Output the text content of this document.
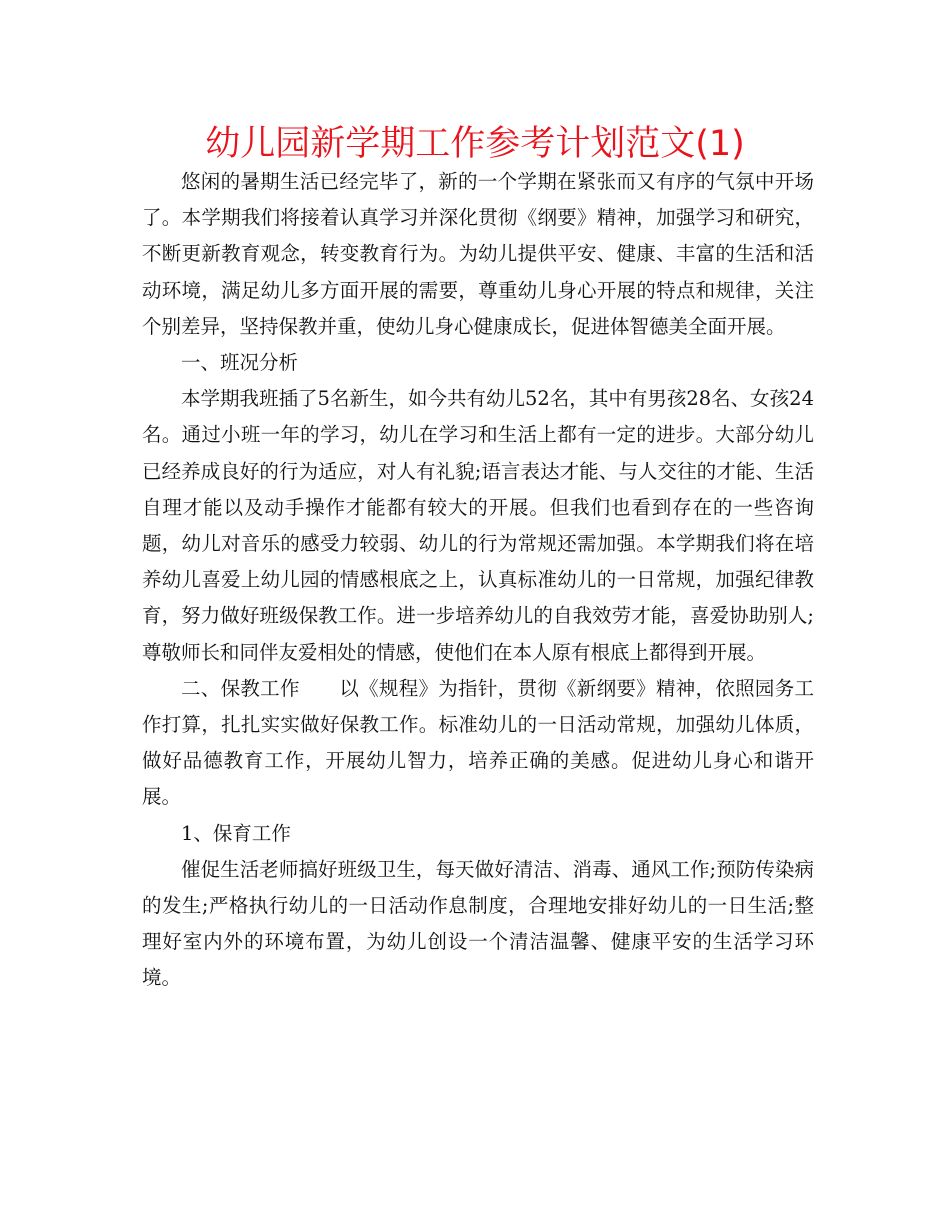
幼儿园新学期工作参考计划范文(1)

悠闲的暑期生活已经完毕了，新的一个学期在紧张而又有序的气氛中开场了。本学期我们将接着认真学习并深化贯彻《纲要》精神，加强学习和研究，不断更新教育观念，转变教育行为。为幼儿提供平安、健康、丰富的生活和活动环境，满足幼儿多方面开展的需要，尊重幼儿身心开展的特点和规律，关注个别差异，坚持保教并重，使幼儿身心健康成长，促进体智德美全面开展。

一、班况分析

本学期我班插了5名新生，如今共有幼儿52名，其中有男孩28名、女孩24名。通过小班一年的学习，幼儿在学习和生活上都有一定的进步。大部分幼儿已经养成良好的行为适应，对人有礼貌;语言表达才能、与人交往的才能、生活自理才能以及动手操作才能都有较大的开展。但我们也看到存在的一些咨询题，幼儿对音乐的感受力较弱、幼儿的行为常规还需加强。本学期我们将在培养幼儿喜爱上幼儿园的情感根底之上，认真标准幼儿的一日常规，加强纪律教育，努力做好班级保教工作。进一步培养幼儿的自我效劳才能，喜爱协助别人;尊敬师长和同伴友爱相处的情感，使他们在本人原有根底上都得到开展。

二、保教工作　　以《规程》为指针，贯彻《新纲要》精神，依照园务工作打算，扎扎实实做好保教工作。标准幼儿的一日活动常规，加强幼儿体质，做好品德教育工作，开展幼儿智力，培养正确的美感。促进幼儿身心和谐开展。

1、保育工作

催促生活老师搞好班级卫生，每天做好清洁、消毒、通风工作;预防传染病的发生;严格执行幼儿的一日活动作息制度，合理地安排好幼儿的一日生活;整理好室内外的环境布置，为幼儿创设一个清洁温馨、健康平安的生活学习环境。
